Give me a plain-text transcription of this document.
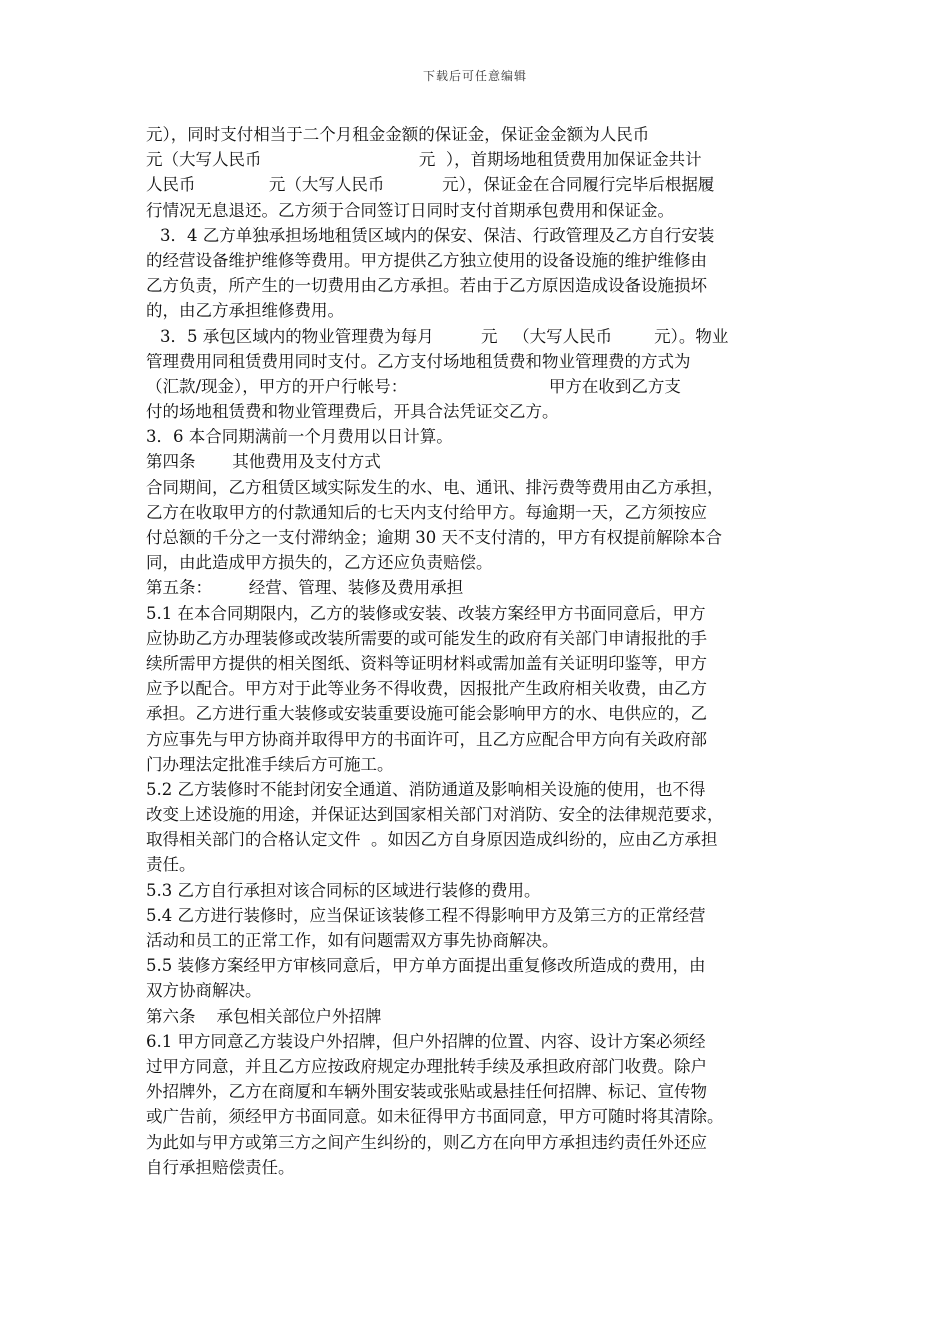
下载后可任意编辑
元），同时支付相当于二个月租金金额的保证金，保证金金额为人民币
元（大写人民币                              元  ），首期场地租赁费用加保证金共计
人民币              元（大写人民币           元），保证金在合同履行完毕后根据履
行情况无息退还。乙方须于合同签订日同时支付首期承包费用和保证金。
3．4 乙方单独承担场地租赁区域内的保安、保洁、行政管理及乙方自行安装
的经营设备维护维修等费用。甲方提供乙方独立使用的设备设施的维护维修由
乙方负责，所产生的一切费用由乙方承担。若由于乙方原因造成设备设施损坏
的，由乙方承担维修费用。
3．5 承包区域内的物业管理费为每月         元   （大写人民币        元）。物业
管理费用同租赁费用同时支付。乙方支付场地租赁费和物业管理费的方式为
（汇款/现金），甲方的开户行帐号：                           甲方在收到乙方支
付的场地租赁费和物业管理费后，开具合法凭证交乙方。
3．6 本合同期满前一个月费用以日计算。
第四条       其他费用及支付方式
合同期间，乙方租赁区域实际发生的水、电、通讯、排污费等费用由乙方承担，
乙方在收取甲方的付款通知后的七天内支付给甲方。每逾期一天，乙方须按应
付总额的千分之一支付滞纳金；逾期 30 天不支付清的，甲方有权提前解除本合
同，由此造成甲方损失的，乙方还应负责赔偿。
第五条：       经营、管理、装修及费用承担
5.1 在本合同期限内，乙方的装修或安装、改装方案经甲方书面同意后，甲方
应协助乙方办理装修或改装所需要的或可能发生的政府有关部门申请报批的手
续所需甲方提供的相关图纸、资料等证明材料或需加盖有关证明印鉴等，甲方
应予以配合。甲方对于此等业务不得收费，因报批产生政府相关收费，由乙方
承担。乙方进行重大装修或安装重要设施可能会影响甲方的水、电供应的，乙
方应事先与甲方协商并取得甲方的书面许可，且乙方应配合甲方向有关政府部
门办理法定批准手续后方可施工。
5.2 乙方装修时不能封闭安全通道、消防通道及影响相关设施的使用，也不得
改变上述设施的用途，并保证达到国家相关部门对消防、安全的法律规范要求，
取得相关部门的合格认定文件  。如因乙方自身原因造成纠纷的，应由乙方承担
责任。
5.3 乙方自行承担对该合同标的区域进行装修的费用。
5.4 乙方进行装修时，应当保证该装修工程不得影响甲方及第三方的正常经营
活动和员工的正常工作，如有问题需双方事先协商解决。
5.5 装修方案经甲方审核同意后，甲方单方面提出重复修改所造成的费用，由
双方协商解决。
第六条    承包相关部位户外招牌
6.1 甲方同意乙方装设户外招牌，但户外招牌的位置、内容、设计方案必须经
过甲方同意，并且乙方应按政府规定办理批转手续及承担政府部门收费。除户
外招牌外，乙方在商厦和车辆外围安装或张贴或悬挂任何招牌、标记、宣传物
或广告前，须经甲方书面同意。如未征得甲方书面同意，甲方可随时将其清除。
为此如与甲方或第三方之间产生纠纷的，则乙方在向甲方承担违约责任外还应
自行承担赔偿责任。
